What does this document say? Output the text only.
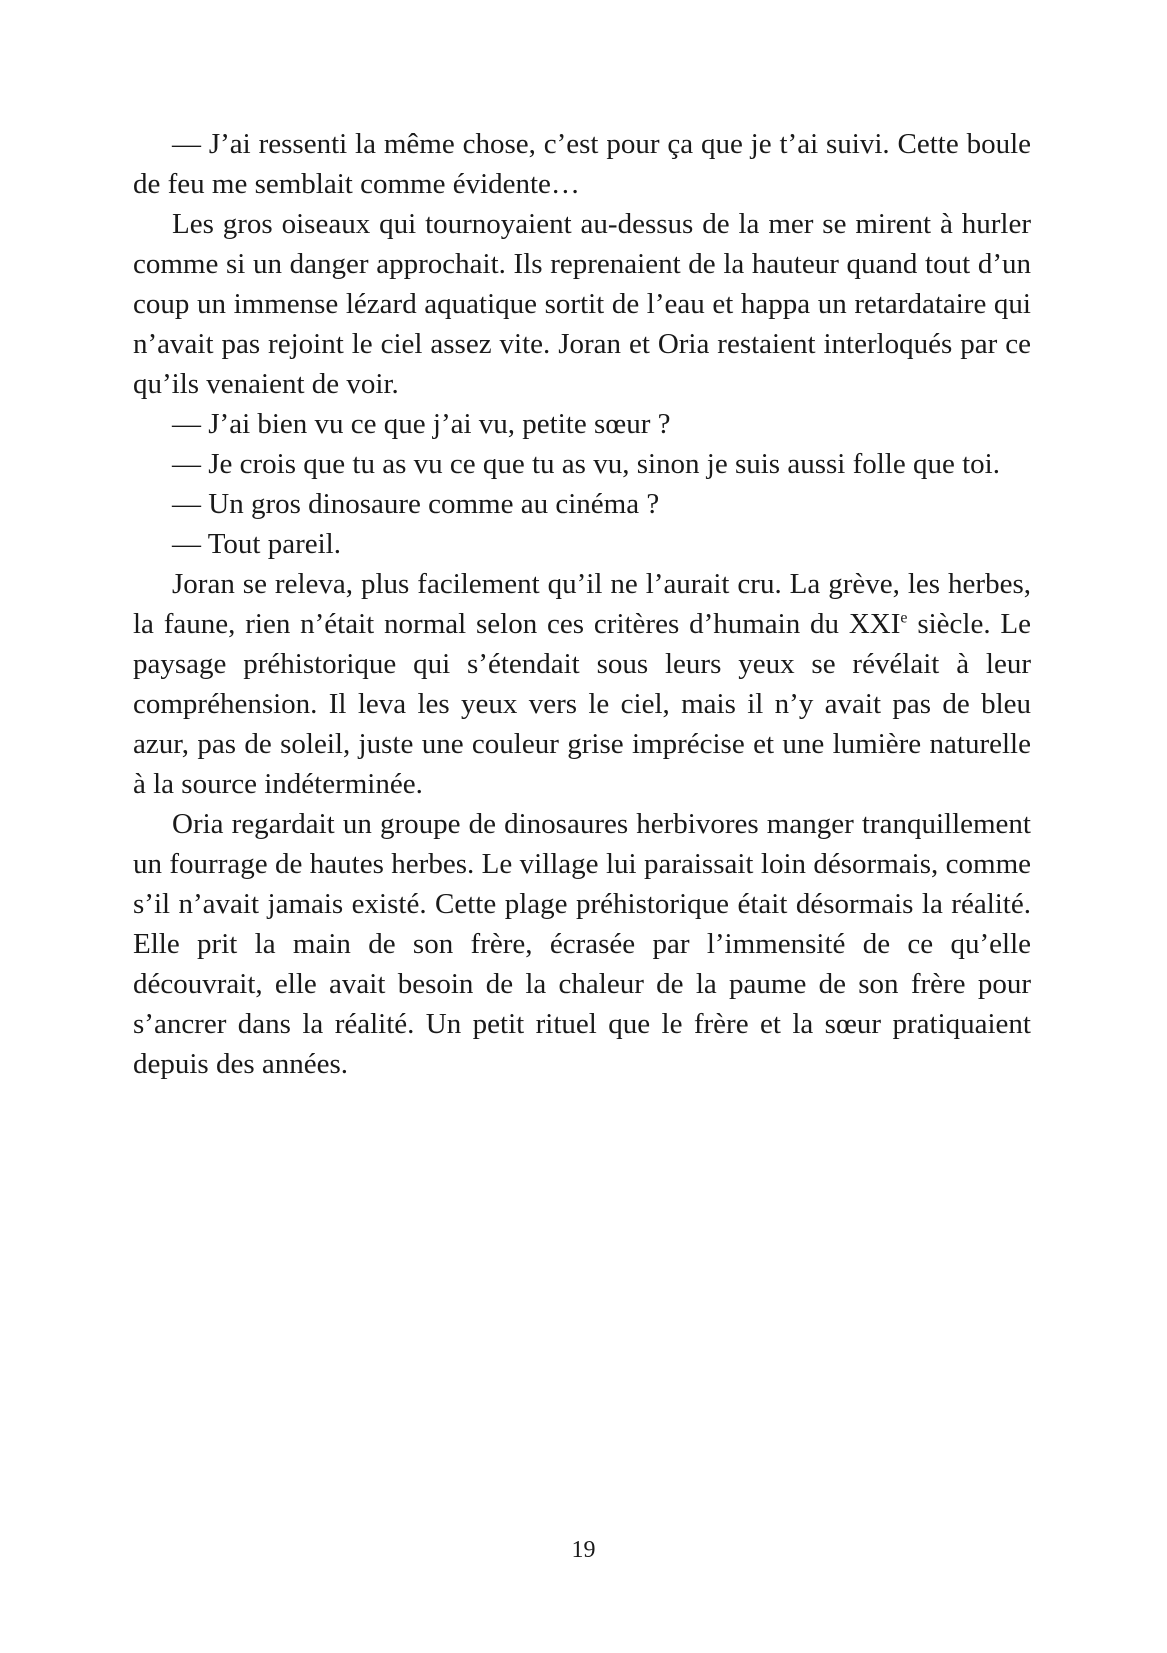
— J’ai ressenti la même chose, c’est pour ça que je t’ai suivi. Cette boule de feu me semblait comme évidente…

Les gros oiseaux qui tournoyaient au-dessus de la mer se mirent à hurler comme si un danger approchait. Ils reprenaient de la hauteur quand tout d’un coup un immense lézard aquatique sortit de l’eau et happa un retardataire qui n’avait pas rejoint le ciel assez vite. Joran et Oria restaient interloqués par ce qu’ils venaient de voir.

— J’ai bien vu ce que j’ai vu, petite sœur ?

— Je crois que tu as vu ce que tu as vu, sinon je suis aussi folle que toi.

— Un gros dinosaure comme au cinéma ?

— Tout pareil.

Joran se releva, plus facilement qu’il ne l’aurait cru. La grève, les herbes, la faune, rien n’était normal selon ces critères d’humain du XXIe siècle. Le paysage préhistorique qui s’étendait sous leurs yeux se révélait à leur compréhension. Il leva les yeux vers le ciel, mais il n’y avait pas de bleu azur, pas de soleil, juste une couleur grise imprécise et une lumière naturelle à la source indéterminée.

Oria regardait un groupe de dinosaures herbivores manger tranquillement un fourrage de hautes herbes. Le village lui paraissait loin désormais, comme s’il n’avait jamais existé. Cette plage préhistorique était désormais la réalité. Elle prit la main de son frère, écrasée par l’immensité de ce qu’elle découvrait, elle avait besoin de la chaleur de la paume de son frère pour s’ancrer dans la réalité. Un petit rituel que le frère et la sœur pratiquaient depuis des années.

19
